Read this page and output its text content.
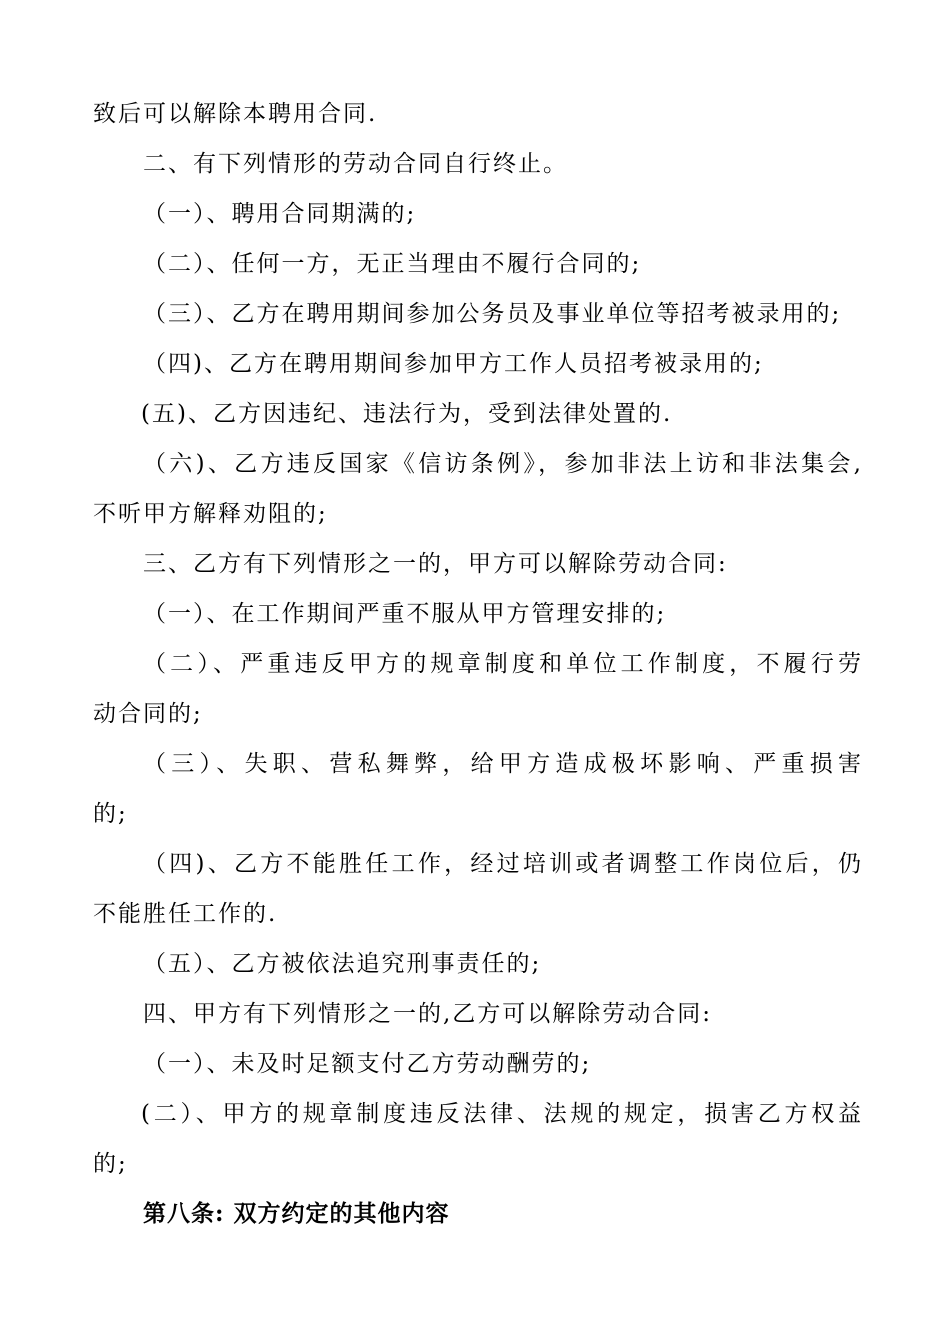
致后可以解除本聘用合同.
二、有下列情形的劳动合同自行终止。
（一）、聘用合同期满的;
（二）、任何一方，无正当理由不履行合同的;
（三）、乙方在聘用期间参加公务员及事业单位等招考被录用的;
（四)、乙方在聘用期间参加甲方工作人员招考被录用的;
(五)、乙方因违纪、违法行为，受到法律处置的.
（六)、乙方违反国家《信访条例》，参加非法上访和非法集会,
不听甲方解释劝阻的;
三、乙方有下列情形之一的，甲方可以解除劳动合同:
（一）、在工作期间严重不服从甲方管理安排的;
（二）、严重违反甲方的规章制度和单位工作制度，不履行劳
动合同的;
（三）、失职、营私舞弊，给甲方造成极坏影响、严重损害
的;
（四)、乙方不能胜任工作，经过培训或者调整工作岗位后，仍
不能胜任工作的.
（五）、乙方被依法追究刑事责任的;
四、甲方有下列情形之一的,乙方可以解除劳动合同:
（一）、未及时足额支付乙方劳动酬劳的;
(二）、甲方的规章制度违反法律、法规的规定，损害乙方权益
的;
第八条: 双方约定的其他内容
